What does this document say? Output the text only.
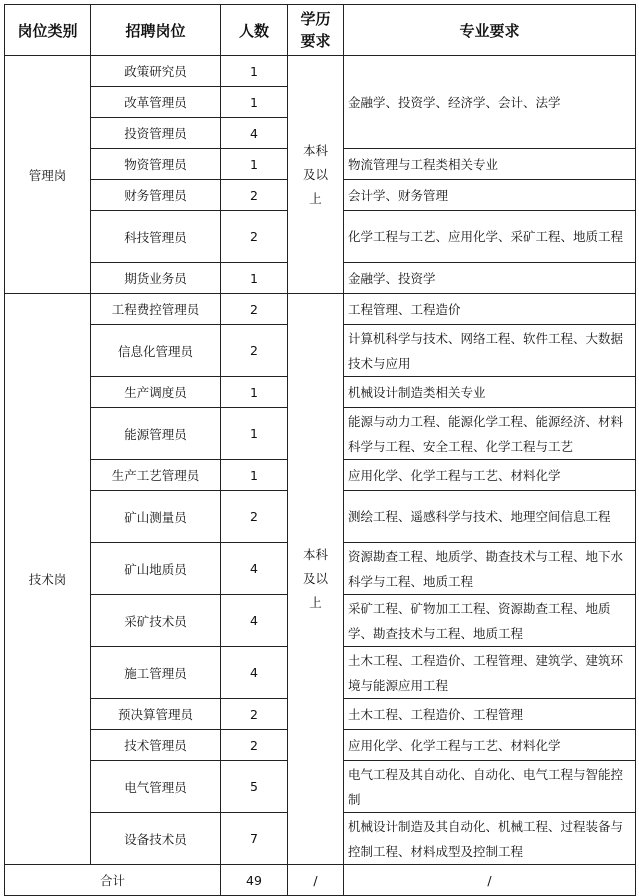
岗位类别	招聘岗位	人数	学历要求	专业要求
管理岗	政策研究员	1	本科及以上	金融学、投资学、经济学、会计、法学
	改革管理员	1		
	投资管理员	4		
	物资管理员	1		物流管理与工程类相关专业
	财务管理员	2		会计学、财务管理
	科技管理员	2		化学工程与工艺、应用化学、采矿工程、地质工程
	期货业务员	1		金融学、投资学

技术岗	工程费控管理员	2	本科及以上	工程管理、工程造价
	信息化管理员	2		计算机科学与技术、网络工程、软件工程、大数据技术与应用
	生产调度员	1		机械设计制造类相关专业
	能源管理员	1		能源与动力工程、能源化学工程、能源经济、材料科学与工程、安全工程、化学工程与工艺
	生产工艺管理员	1		应用化学、化学工程与工艺、材料化学
	矿山测量员	2		测绘工程、遥感科学与技术、地理空间信息工程
	矿山地质员	4		资源勘查工程、地质学、勘查技术与工程、地下水科学与工程、地质工程
	采矿技术员	4		采矿工程、矿物加工工程、资源勘查工程、地质学、勘查技术与工程、地质工程
	施工管理员	4		土木工程、工程造价、工程管理、建筑学、建筑环境与能源应用工程
	预决算管理员	2		土木工程、工程造价、工程管理
	技术管理员	2		应用化学、化学工程与工艺、材料化学
	电气管理员	5		电气工程及其自动化、自动化、电气工程与智能控制
	设备技术员	7		机械设计制造及其自动化、机械工程、过程装备与控制工程、材料成型及控制工程
合计		49	/	/
